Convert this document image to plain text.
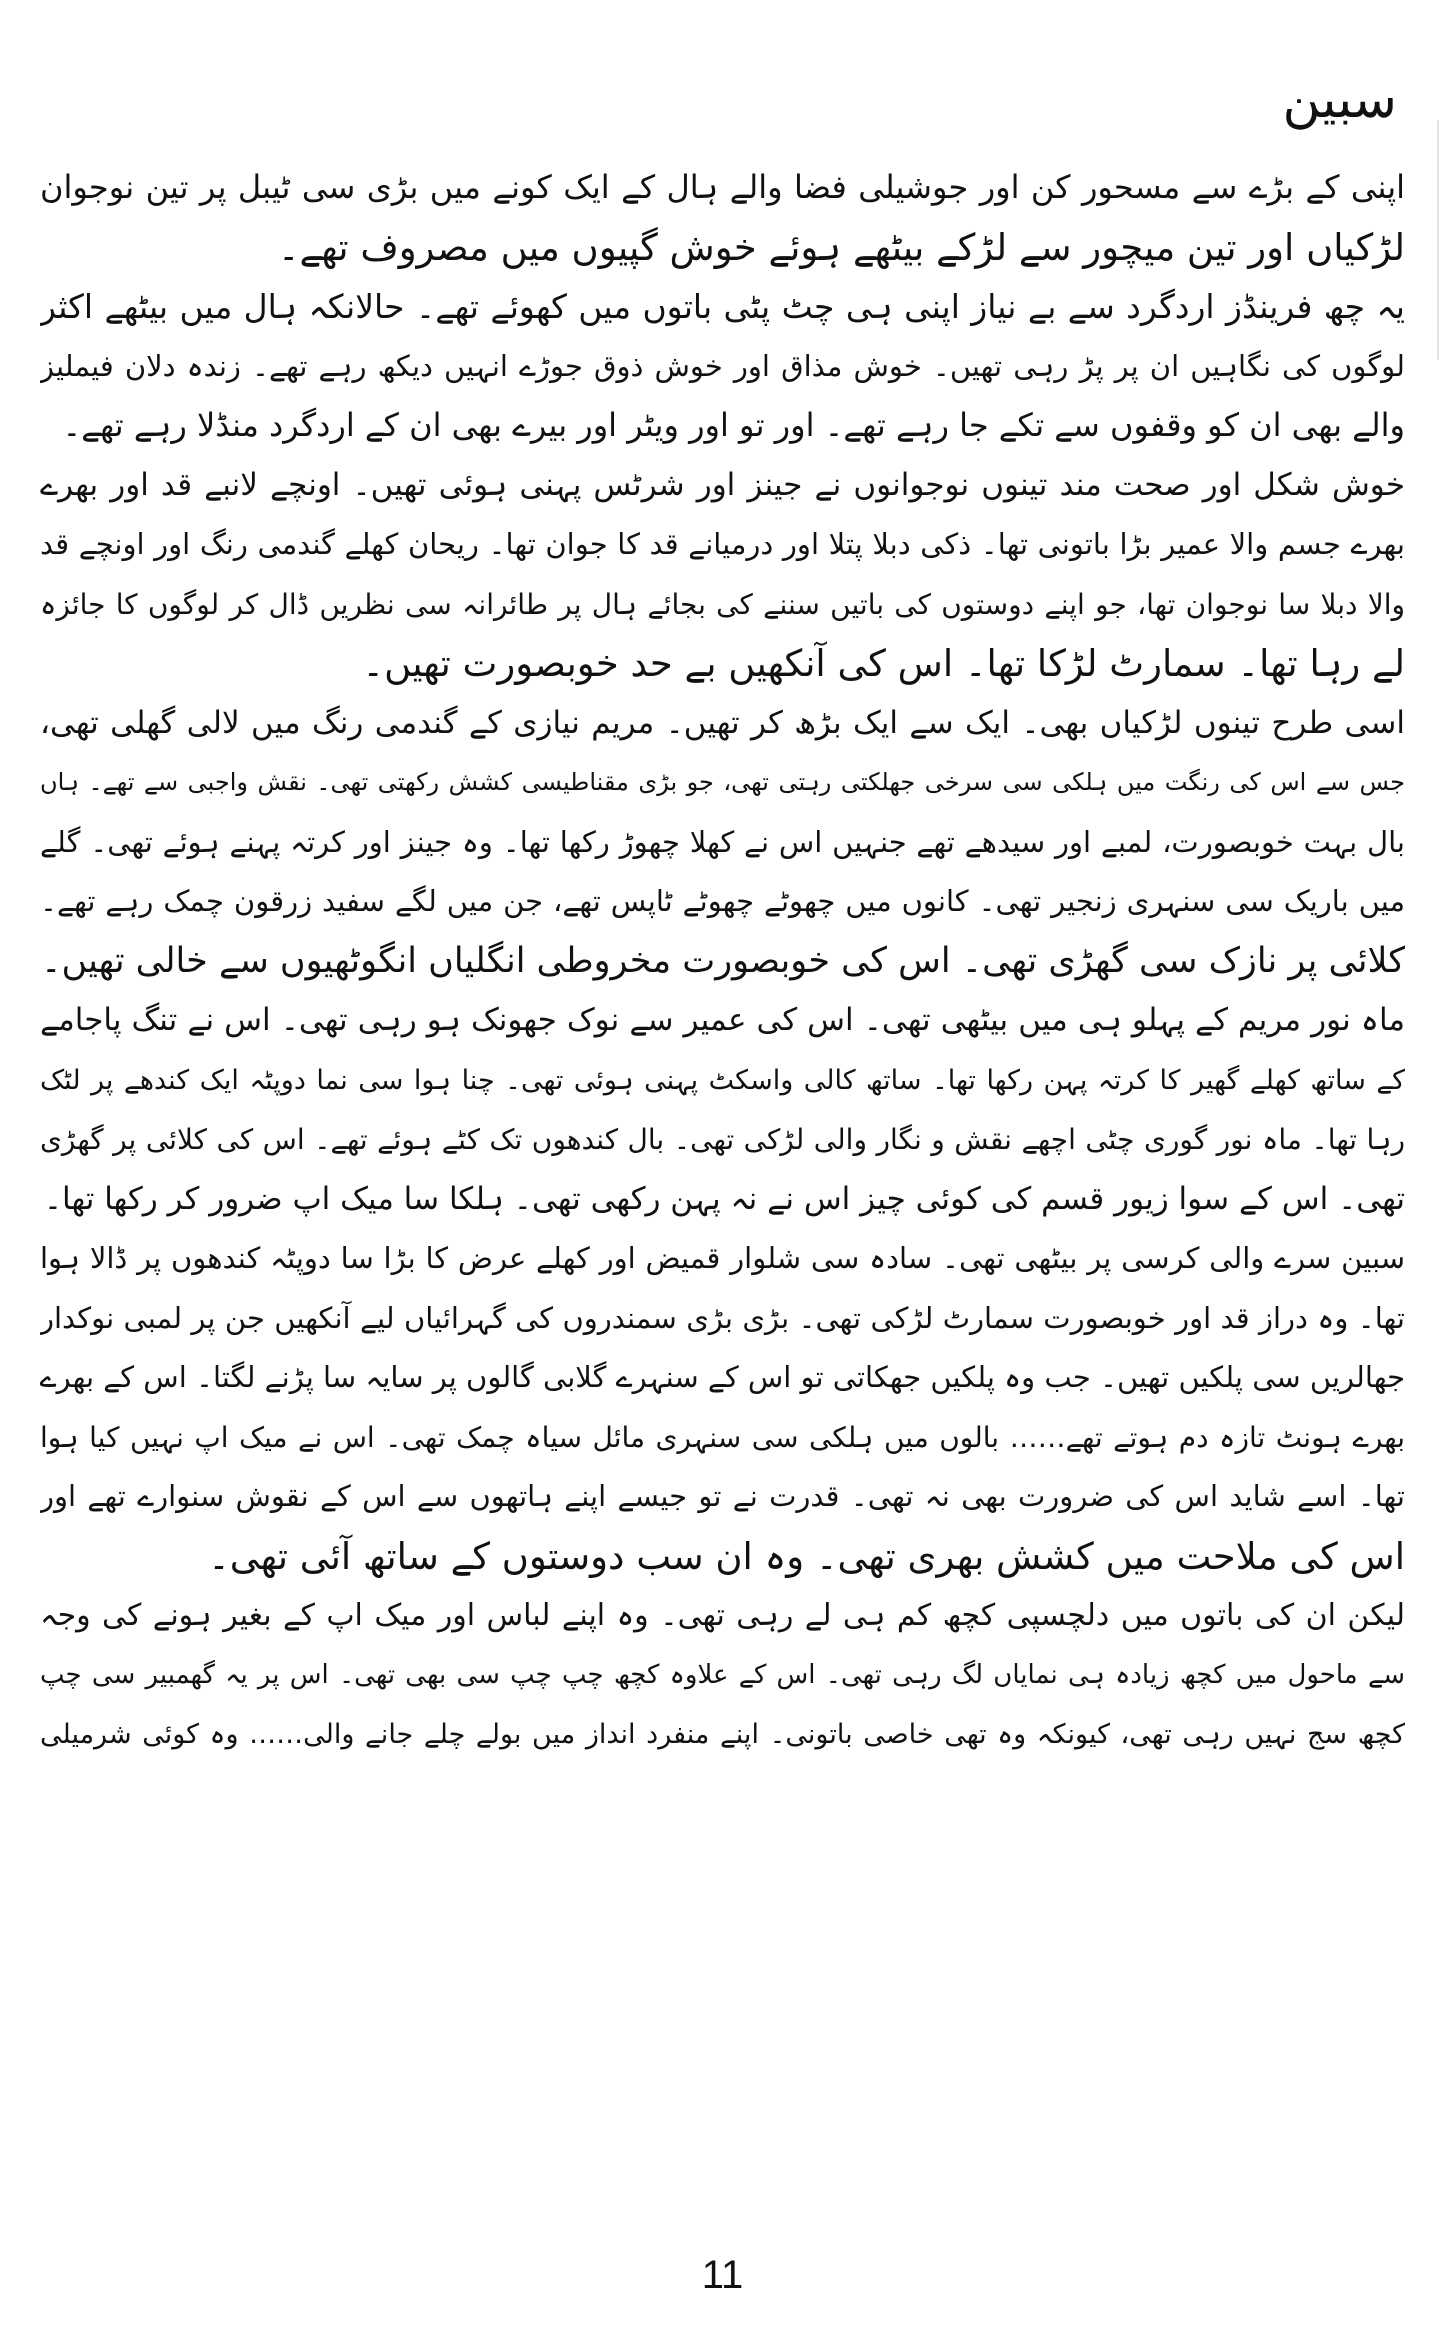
سبین
اپنی کے بڑے سے مسحور کن اور جوشیلی فضا والے ہال کے ایک کونے میں بڑی سی ٹیبل پر تین نوجوان
لڑکیاں اور تین میچور سے لڑکے بیٹھے ہوئے خوش گپیوں میں مصروف تھے۔
یہ چھ فرینڈز اردگرد سے بے نیاز اپنی ہی چٹ پٹی باتوں میں کھوئے تھے۔ حالانکہ ہال میں بیٹھے اکثر
لوگوں کی نگاہیں ان پر پڑ رہی تھیں۔ خوش مذاق اور خوش ذوق جوڑے انہیں دیکھ رہے تھے۔ زندہ دلان فیملیز
والے بھی ان کو وقفوں سے تکے جا رہے تھے۔ اور تو اور ویٹر اور بیرے بھی ان کے اردگرد منڈلا رہے تھے۔
خوش شکل اور صحت مند تینوں نوجوانوں نے جینز اور شرٹس پہنی ہوئی تھیں۔ اونچے لانبے قد اور بھرے
بھرے جسم والا عمیر بڑا باتونی تھا۔ ذکی دبلا پتلا اور درمیانے قد کا جوان تھا۔ ریحان کھلے گندمی رنگ اور اونچے قد
والا دبلا سا نوجوان تھا، جو اپنے دوستوں کی باتیں سننے کی بجائے ہال پر طائرانہ سی نظریں ڈال کر لوگوں کا جائزہ
لے رہا تھا۔ سمارٹ لڑکا تھا۔ اس کی آنکھیں بے حد خوبصورت تھیں۔
اسی طرح تینوں لڑکیاں بھی۔ ایک سے ایک بڑھ کر تھیں۔ مریم نیازی کے گندمی رنگ میں لالی گھلی تھی،
جس سے اس کی رنگت میں ہلکی سی سرخی جھلکتی رہتی تھی، جو بڑی مقناطیسی کشش رکھتی تھی۔ نقش واجبی سے تھے۔ ہاں
بال بہت خوبصورت، لمبے اور سیدھے تھے جنہیں اس نے کھلا چھوڑ رکھا تھا۔ وہ جینز اور کرتہ پہنے ہوئے تھی۔ گلے
میں باریک سی سنہری زنجیر تھی۔ کانوں میں چھوٹے چھوٹے ٹاپس تھے، جن میں لگے سفید زرقون چمک رہے تھے۔
کلائی پر نازک سی گھڑی تھی۔ اس کی خوبصورت مخروطی انگلیاں انگوٹھیوں سے خالی تھیں۔
ماہ نور مریم کے پہلو ہی میں بیٹھی تھی۔ اس کی عمیر سے نوک جھونک ہو رہی تھی۔ اس نے تنگ پاجامے
کے ساتھ کھلے گھیر کا کرتہ پہن رکھا تھا۔ ساتھ کالی واسکٹ پہنی ہوئی تھی۔ چنا ہوا سی نما دوپٹہ ایک کندھے پر لٹک
رہا تھا۔ ماہ نور گوری چٹی اچھے نقش و نگار والی لڑکی تھی۔ بال کندھوں تک کٹے ہوئے تھے۔ اس کی کلائی پر گھڑی
تھی۔ اس کے سوا زیور قسم کی کوئی چیز اس نے نہ پہن رکھی تھی۔ ہلکا سا میک اپ ضرور کر رکھا تھا۔
سبین سرے والی کرسی پر بیٹھی تھی۔ سادہ سی شلوار قمیض اور کھلے عرض کا بڑا سا دوپٹہ کندھوں پر ڈالا ہوا
تھا۔ وہ دراز قد اور خوبصورت سمارٹ لڑکی تھی۔ بڑی بڑی سمندروں کی گہرائیاں لیے آنکھیں جن پر لمبی نوکدار
جھالریں سی پلکیں تھیں۔ جب وہ پلکیں جھکاتی تو اس کے سنہرے گلابی گالوں پر سایہ سا پڑنے لگتا۔ اس کے بھرے
بھرے ہونٹ تازہ دم ہوتے تھے…… بالوں میں ہلکی سی سنہری مائل سیاہ چمک تھی۔ اس نے میک اپ نہیں کیا ہوا
تھا۔ اسے شاید اس کی ضرورت بھی نہ تھی۔ قدرت نے تو جیسے اپنے ہاتھوں سے اس کے نقوش سنوارے تھے اور
اس کی ملاحت میں کشش بھری تھی۔ وہ ان سب دوستوں کے ساتھ آئی تھی۔
لیکن ان کی باتوں میں دلچسپی کچھ کم ہی لے رہی تھی۔ وہ اپنے لباس اور میک اپ کے بغیر ہونے کی وجہ
سے ماحول میں کچھ زیادہ ہی نمایاں لگ رہی تھی۔ اس کے علاوہ کچھ چپ چپ سی بھی تھی۔ اس پر یہ گھمبیر سی چپ
کچھ سج نہیں رہی تھی، کیونکہ وہ تھی خاصی باتونی۔ اپنے منفرد انداز میں بولے چلے جانے والی…… وہ کوئی شرمیلی
11
